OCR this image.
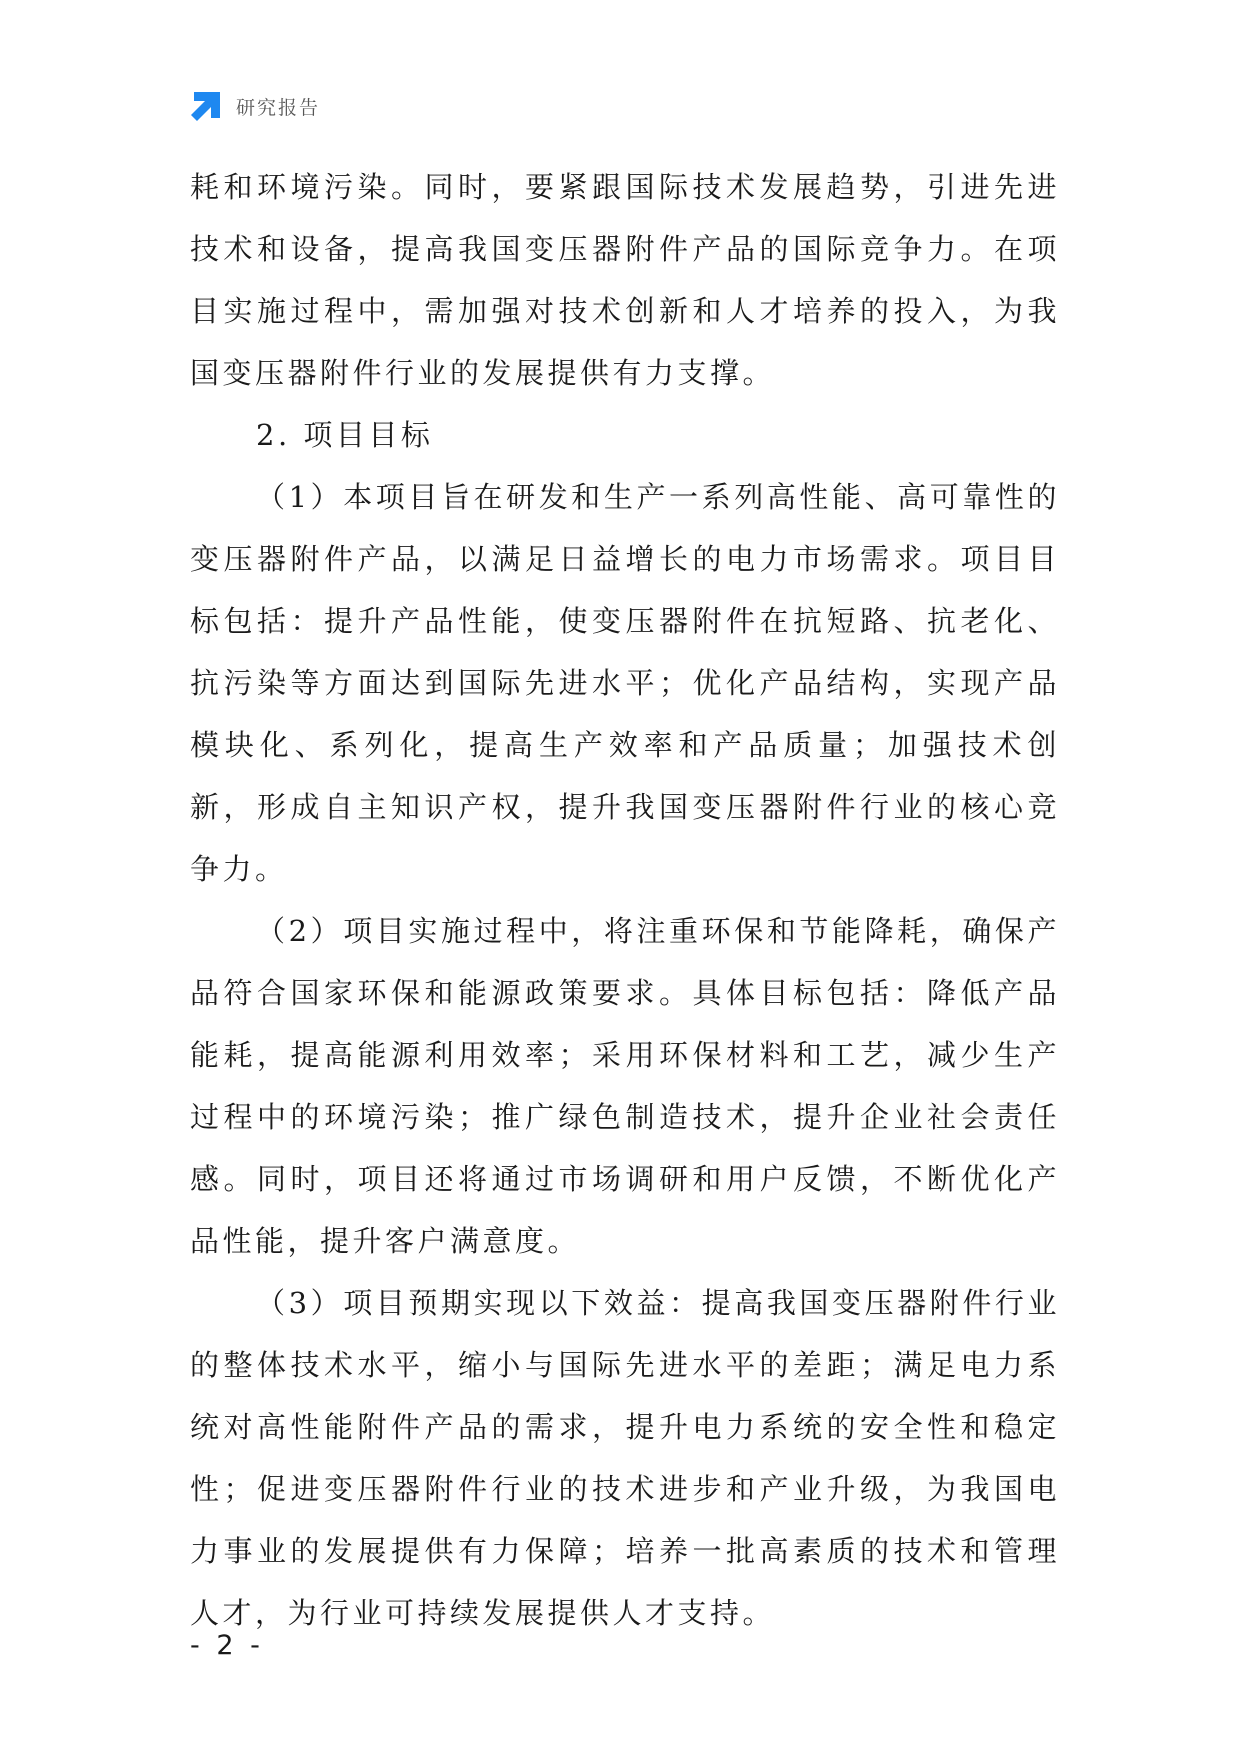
研究报告

耗和环境污染。同时，要紧跟国际技术发展趋势，引进先进技术和设备，提高我国变压器附件产品的国际竞争力。在项目实施过程中，需加强对技术创新和人才培养的投入，为我国变压器附件行业的发展提供有力支撑。

2. 项目目标

（1）本项目旨在研发和生产一系列高性能、高可靠性的变压器附件产品，以满足日益增长的电力市场需求。项目目标包括：提升产品性能，使变压器附件在抗短路、抗老化、抗污染等方面达到国际先进水平；优化产品结构，实现产品模块化、系列化，提高生产效率和产品质量；加强技术创新，形成自主知识产权，提升我国变压器附件行业的核心竞争力。

（2）项目实施过程中，将注重环保和节能降耗，确保产品符合国家环保和能源政策要求。具体目标包括：降低产品能耗，提高能源利用效率；采用环保材料和工艺，减少生产过程中的环境污染；推广绿色制造技术，提升企业社会责任感。同时，项目还将通过市场调研和用户反馈，不断优化产品性能，提升客户满意度。

（3）项目预期实现以下效益：提高我国变压器附件行业的整体技术水平，缩小与国际先进水平的差距；满足电力系统对高性能附件产品的需求，提升电力系统的安全性和稳定性；促进变压器附件行业的技术进步和产业升级，为我国电力事业的发展提供有力保障；培养一批高素质的技术和管理人才，为行业可持续发展提供人才支持。

- 2 -
